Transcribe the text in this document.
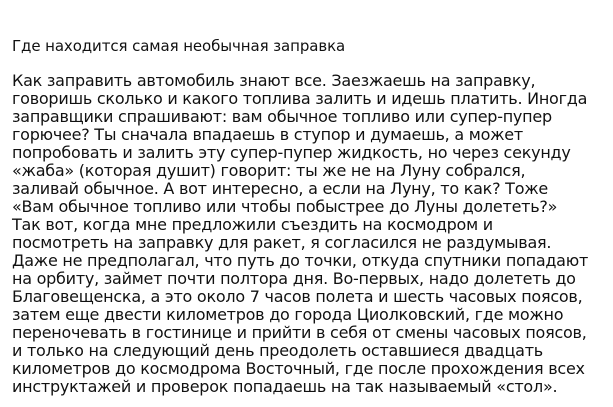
Где находится самая необычная заправка
Как заправить автомобиль знают все. Заезжаешь на заправку,
говоришь сколько и какого топлива залить и идешь платить. Иногда
заправщики спрашивают: вам обычное топливо или супер-пупер
горючее? Ты сначала впадаешь в ступор и думаешь, а может
попробовать и залить эту супер-пупер жидкость, но через секунду
«жаба» (которая душит) говорит: ты же не на Луну собрался,
заливай обычное. А вот интересно, а если на Луну, то как? Тоже
«Вам обычное топливо или чтобы побыстрее до Луны долететь?»
Так вот, когда мне предложили съездить на космодром и
посмотреть на заправку для ракет, я согласился не раздумывая.
Даже не предполагал, что путь до точки, откуда спутники попадают
на орбиту, займет почти полтора дня. Во-первых, надо долететь до
Благовещенска, а это около 7 часов полета и шесть часовых поясов,
затем еще двести километров до города Циолковский, где можно
переночевать в гостинице и прийти в себя от смены часовых поясов,
и только на следующий день преодолеть оставшиеся двадцать
километров до космодрома Восточный, где после прохождения всех
инструктажей и проверок попадаешь на так называемый «стол».
